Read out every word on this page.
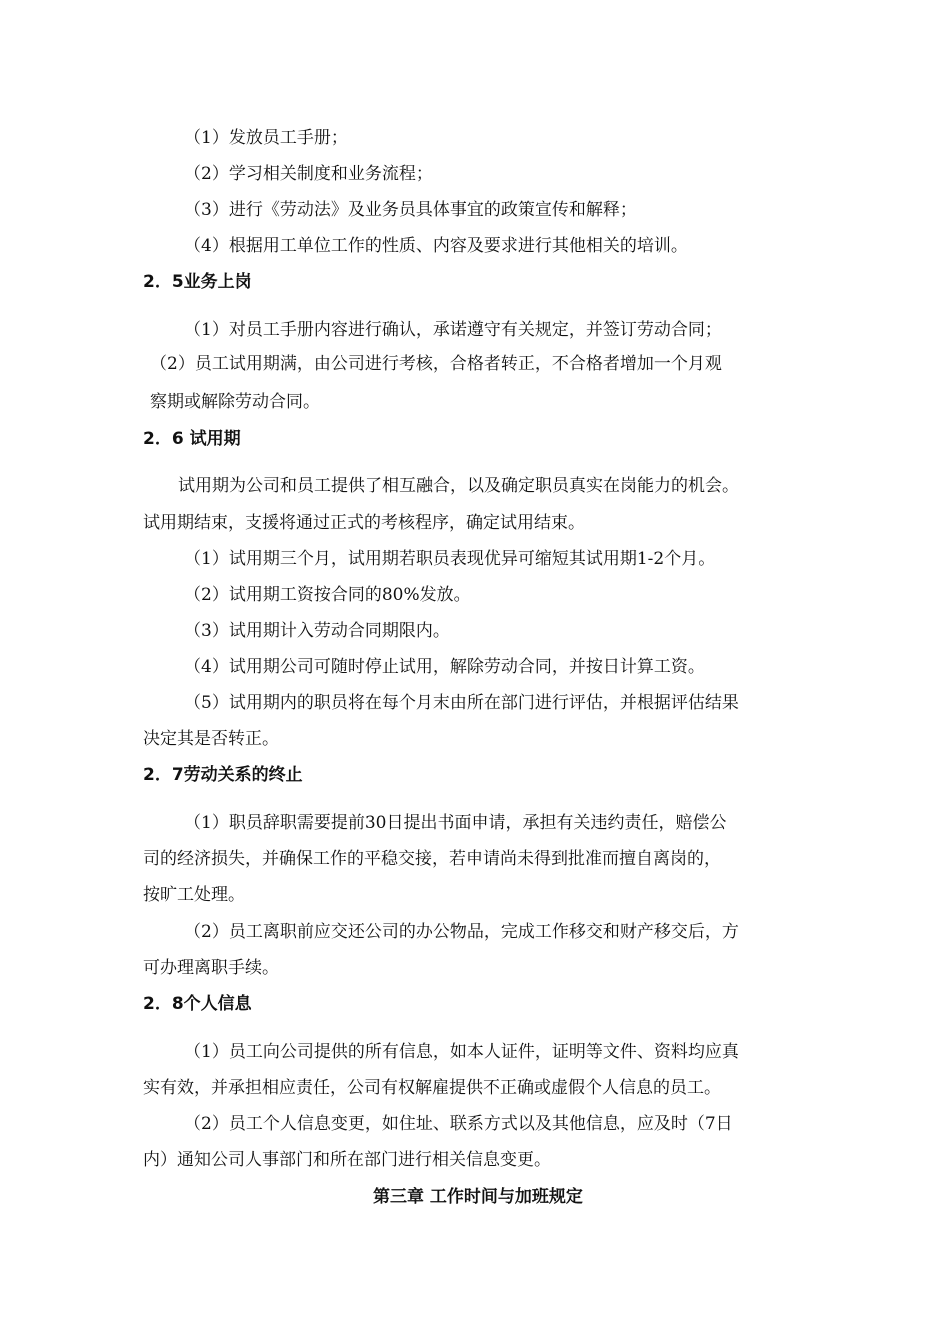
（1）发放员工手册；
（2）学习相关制度和业务流程；
（3）进行《劳动法》及业务员具体事宜的政策宣传和解释；
（4）根据用工单位工作的性质、内容及要求进行其他相关的培训。
2．5业务上岗
（1）对员工手册内容进行确认，承诺遵守有关规定，并签订劳动合同；
（2）员工试用期满，由公司进行考核，合格者转正，不合格者增加一个月观
察期或解除劳动合同。
2．6 试用期
试用期为公司和员工提供了相互融合，以及确定职员真实在岗能力的机会。
试用期结束，支援将通过正式的考核程序，确定试用结束。
（1）试用期三个月，试用期若职员表现优异可缩短其试用期1-2个月。
（2）试用期工资按合同的80%发放。
（3）试用期计入劳动合同期限内。
（4）试用期公司可随时停止试用，解除劳动合同，并按日计算工资。
（5）试用期内的职员将在每个月末由所在部门进行评估，并根据评估结果
决定其是否转正。
2．7劳动关系的终止
（1）职员辞职需要提前30日提出书面申请，承担有关违约责任，赔偿公
司的经济损失，并确保工作的平稳交接，若申请尚未得到批准而擅自离岗的，
按旷工处理。
（2）员工离职前应交还公司的办公物品，完成工作移交和财产移交后，方
可办理离职手续。
2．8个人信息
（1）员工向公司提供的所有信息，如本人证件，证明等文件、资料均应真
实有效，并承担相应责任，公司有权解雇提供不正确或虚假个人信息的员工。
（2）员工个人信息变更，如住址、联系方式以及其他信息，应及时（7日
内）通知公司人事部门和所在部门进行相关信息变更。
第三章 工作时间与加班规定
